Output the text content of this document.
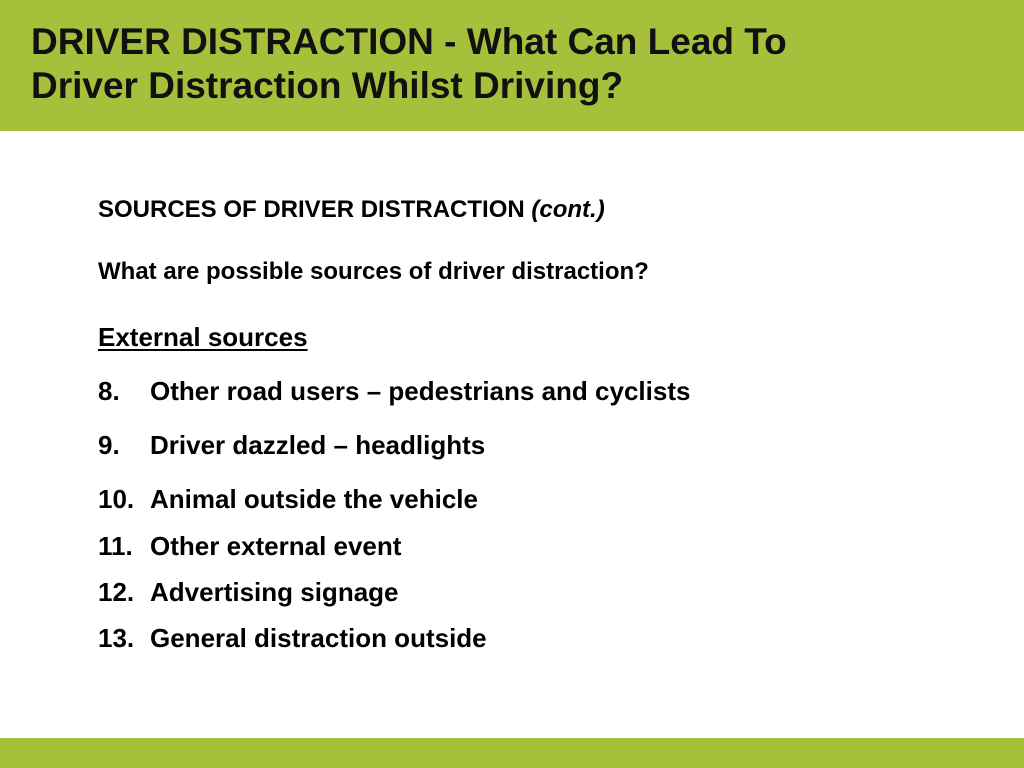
DRIVER DISTRACTION - What Can Lead To
Driver Distraction Whilst Driving?
SOURCES OF DRIVER DISTRACTION (cont.)
What are possible sources of driver distraction?
External sources
8. Other road users – pedestrians and cyclists
9. Driver dazzled – headlights
10. Animal outside the vehicle
11. Other external event
12. Advertising signage
13. General distraction outside
